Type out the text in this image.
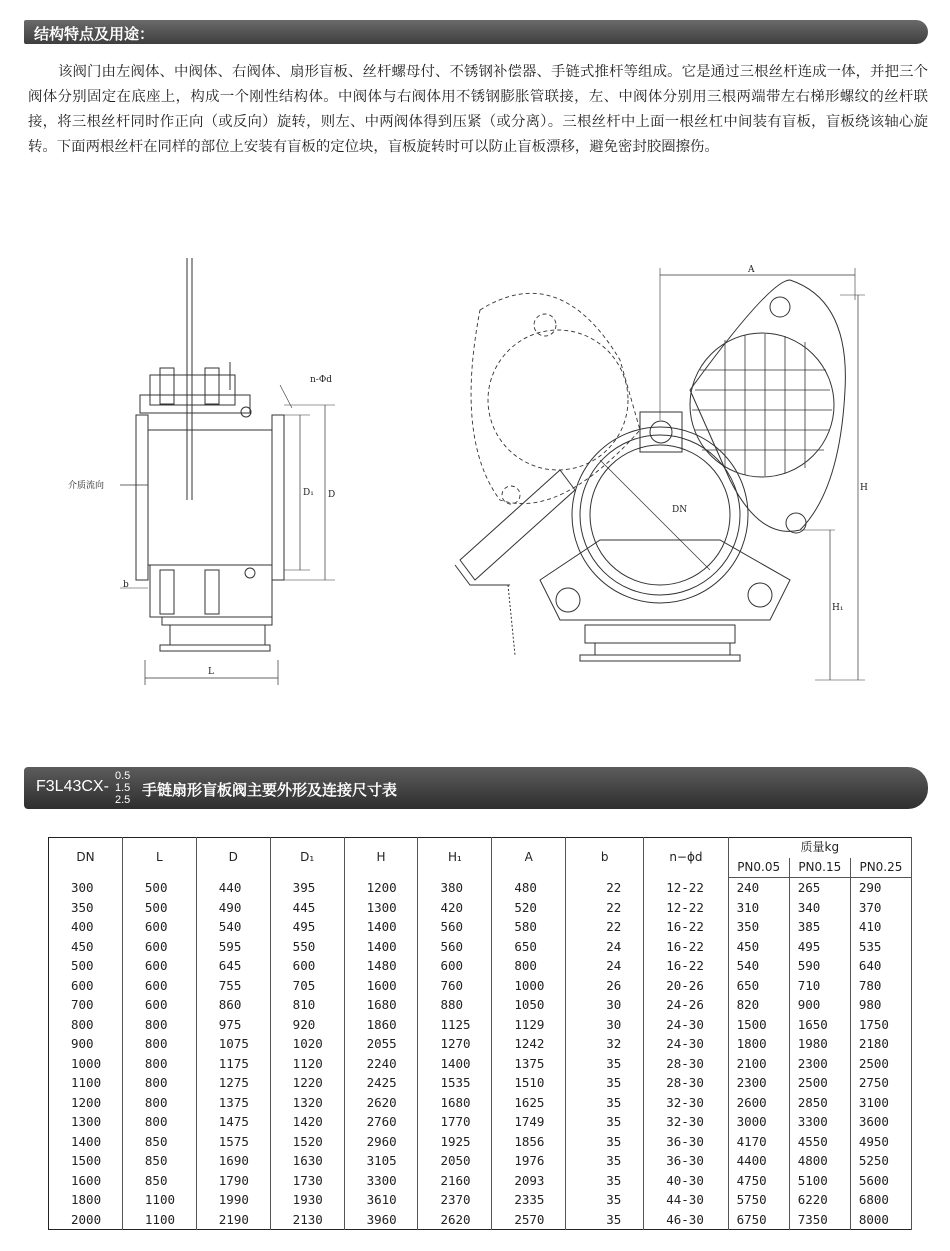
结构特点及用途：

该阀门由左阀体、中阀体、右阀体、扇形盲板、丝杆螺母付、不锈钢补偿器、手链式推杆等组成。它是通过三根丝杆连成一体，并把三个阀体分别固定在底座上，构成一个刚性结构体。中阀体与右阀体用不锈钢膨胀管联接，左、中阀体分别用三根两端带左右梯形螺纹的丝杆联接，将三根丝杆同时作正向（或反向）旋转，则左、中两阀体得到压紧（或分离）。三根丝杆中上面一根丝杠中间装有盲板，盲板绕该轴心旋转。下面两根丝杆在同样的部位上安装有盲板的定位块，盲板旋转时可以防止盲板漂移，避免密封胶圈擦伤。

n-Φd
介质流向
D₁ D
b
L
A
DN
H
H₁
F3L43CX-
0.5
1.5
2.5
手链扇形盲板阀主要外形及连接尺寸表
DN	L	D	D₁	H	H₁	A	b	n−ϕd	质量kg		
									PN0.05	PN0.15	PN0.25
300	500	440	395	1200	380	480	22	12-22	240	265	290
350	500	490	445	1300	420	520	22	12-22	310	340	370
400	600	540	495	1400	560	580	22	16-22	350	385	410
450	600	595	550	1400	560	650	24	16-22	450	495	535
500	600	645	600	1480	600	800	24	16-22	540	590	640
600	600	755	705	1600	760	1000	26	20-26	650	710	780
700	600	860	810	1680	880	1050	30	24-26	820	900	980
800	800	975	920	1860	1125	1129	30	24-30	1500	1650	1750
900	800	1075	1020	2055	1270	1242	32	24-30	1800	1980	2180
1000	800	1175	1120	2240	1400	1375	35	28-30	2100	2300	2500
1100	800	1275	1220	2425	1535	1510	35	28-30	2300	2500	2750
1200	800	1375	1320	2620	1680	1625	35	32-30	2600	2850	3100
1300	800	1475	1420	2760	1770	1749	35	32-30	3000	3300	3600
1400	850	1575	1520	2960	1925	1856	35	36-30	4170	4550	4950
1500	850	1690	1630	3105	2050	1976	35	36-30	4400	4800	5250
1600	850	1790	1730	3300	2160	2093	35	40-30	4750	5100	5600
1800	1100	1990	1930	3610	2370	2335	35	44-30	5750	6220	6800
2000	1100	2190	2130	3960	2620	2570	35	46-30	6750	7350	8000
